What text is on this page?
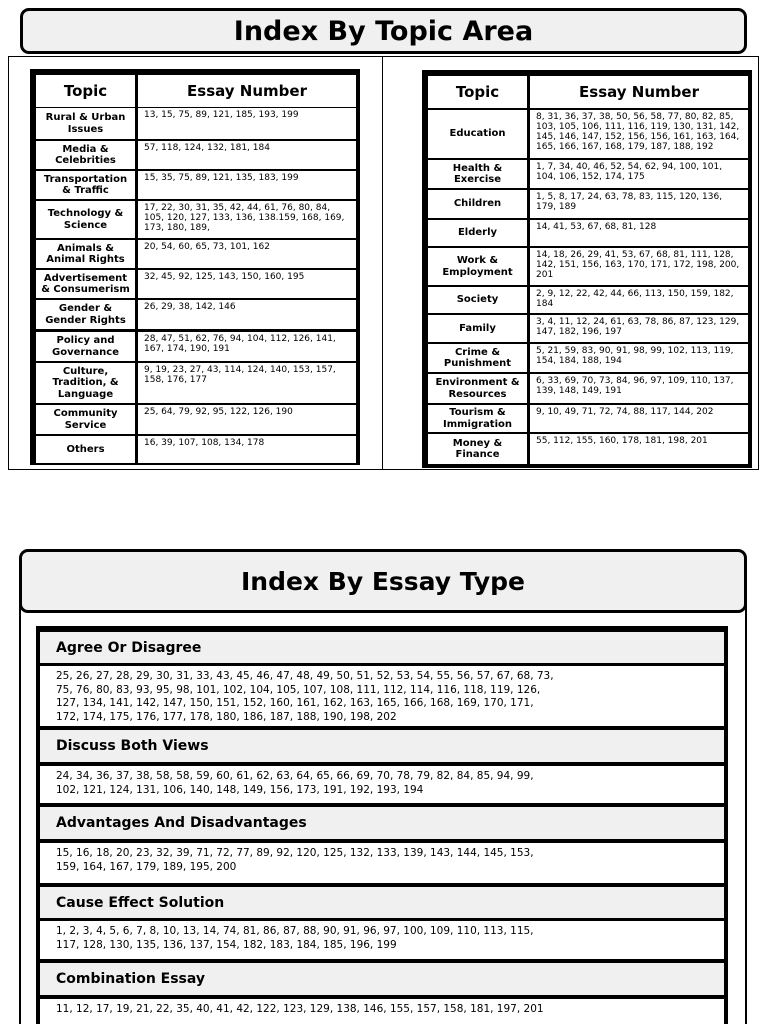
Index By Topic Area
Topic	Essay Number
Rural & Urban Issues
13, 15, 75, 89, 121, 185, 193, 199
Media & Celebrities
57, 118, 124, 132, 181, 184
Transportation & Traffic
15, 35, 75, 89, 121, 135, 183, 199
Technology & Science
17, 22, 30, 31, 35, 42, 44, 61, 76, 80, 84, 105, 120, 127, 133, 136, 138.159, 168, 169, 173, 180, 189,
Animals & Animal Rights
20, 54, 60, 65, 73, 101, 162
Advertisement & Consumerism
32, 45, 92, 125, 143, 150, 160, 195
Gender & Gender Rights
26, 29, 38, 142, 146
Policy and Governance
28, 47, 51, 62, 76, 94, 104, 112, 126, 141, 167, 174, 190, 191
Culture, Tradition, & Language
9, 19, 23, 27, 43, 114, 124, 140, 153, 157, 158, 176, 177
Community Service
25, 64, 79, 92, 95, 122, 126, 190
Others
16, 39, 107, 108, 134, 178
Topic	Essay Number
Education
8, 31, 36, 37, 38, 50, 56, 58, 77, 80, 82, 85, 103, 105, 106, 111, 116, 119, 130, 131, 142, 145, 146, 147, 152, 156, 156, 161, 163, 164, 165, 166, 167, 168, 179, 187, 188, 192
Health & Exercise
1, 7, 34, 40, 46, 52, 54, 62, 94, 100, 101, 104, 106, 152, 174, 175
Children
1, 5, 8, 17, 24, 63, 78, 83, 115, 120, 136, 179, 189
Elderly
14, 41, 53, 67, 68, 81, 128
Work & Employment
14, 18, 26, 29, 41, 53, 67, 68, 81, 111, 128, 142, 151, 156, 163, 170, 171, 172, 198, 200, 201
Society
2, 9, 12, 22, 42, 44, 66, 113, 150, 159, 182, 184
Family
3, 4, 11, 12, 24, 61, 63, 78, 86, 87, 123, 129, 147, 182, 196, 197
Crime & Punishment
5, 21, 59, 83, 90, 91, 98, 99, 102, 113, 119, 154, 184, 188, 194
Environment & Resources
6, 33, 69, 70, 73, 84, 96, 97, 109, 110, 137, 139, 148, 149, 191
Tourism & Immigration
9, 10, 49, 71, 72, 74, 88, 117, 144, 202
Money & Finance
55, 112, 155, 160, 178, 181, 198, 201
Index By Essay Type
Agree Or Disagree
25, 26, 27, 28, 29, 30, 31, 33, 43, 45, 46, 47, 48, 49, 50, 51, 52, 53, 54, 55, 56, 57, 67, 68, 73, 75, 76, 80, 83, 93, 95, 98, 101, 102, 104, 105, 107, 108, 111, 112, 114, 116, 118, 119, 126, 127, 134, 141, 142, 147, 150, 151, 152, 160, 161, 162, 163, 165, 166, 168, 169, 170, 171, 172, 174, 175, 176, 177, 178, 180, 186, 187, 188, 190, 198, 202
Discuss Both Views
24, 34, 36, 37, 38, 58, 58, 59, 60, 61, 62, 63, 64, 65, 66, 69, 70, 78, 79, 82, 84, 85, 94, 99, 102, 121, 124, 131, 106, 140, 148, 149, 156, 173, 191, 192, 193, 194
Advantages And Disadvantages
15, 16, 18, 20, 23, 32, 39, 71, 72, 77, 89, 92, 120, 125, 132, 133, 139, 143, 144, 145, 153, 159, 164, 167, 179, 189, 195, 200
Cause Effect Solution
1, 2, 3, 4, 5, 6, 7, 8, 10, 13, 14, 74, 81, 86, 87, 88, 90, 91, 96, 97, 100, 109, 110, 113, 115, 117, 128, 130, 135, 136, 137, 154, 182, 183, 184, 185, 196, 199
Combination Essay
11, 12, 17, 19, 21, 22, 35, 40, 41, 42, 122, 123, 129, 138, 146, 155, 157, 158, 181, 197, 201
